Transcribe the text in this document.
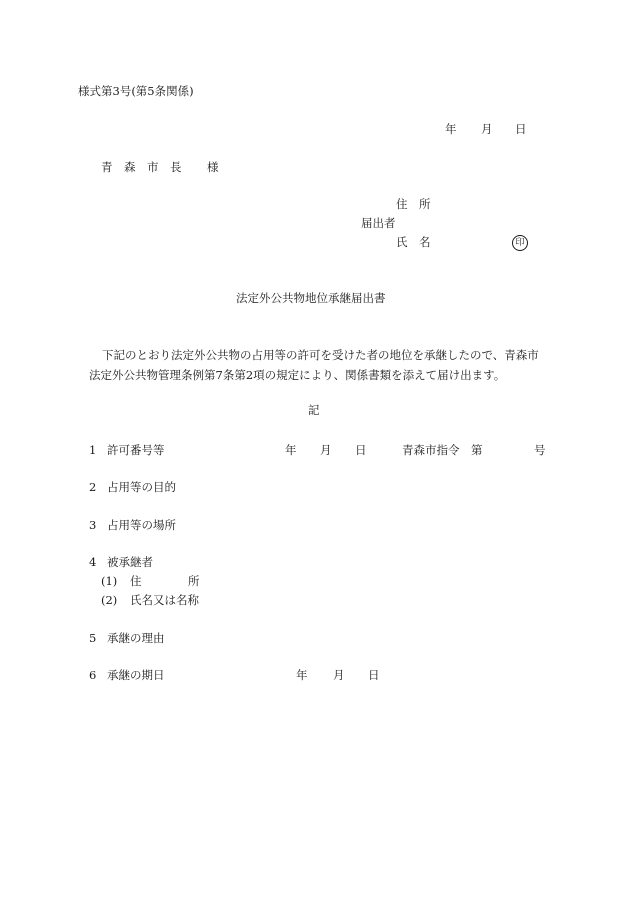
様式第3号(第5条関係)
年 月 日
青　森　市　長 様
住　所
届出者
氏　名	印
法定外公共物地位承継届出書
下記のとおり法定外公共物の占用等の許可を受けた者の地位を承継したので、青森市
法定外公共物管理条例第7条第2項の規定により、関係書類を添えて届け出ます。
記
1 許可番号等	年 月 日	青森市指令　第	号
2 占用等の目的
3 占用等の場所
4 被承継者
(1) 住	所
(2) 氏名又は名称
5 承継の理由
6 承継の期日	年 月 日
